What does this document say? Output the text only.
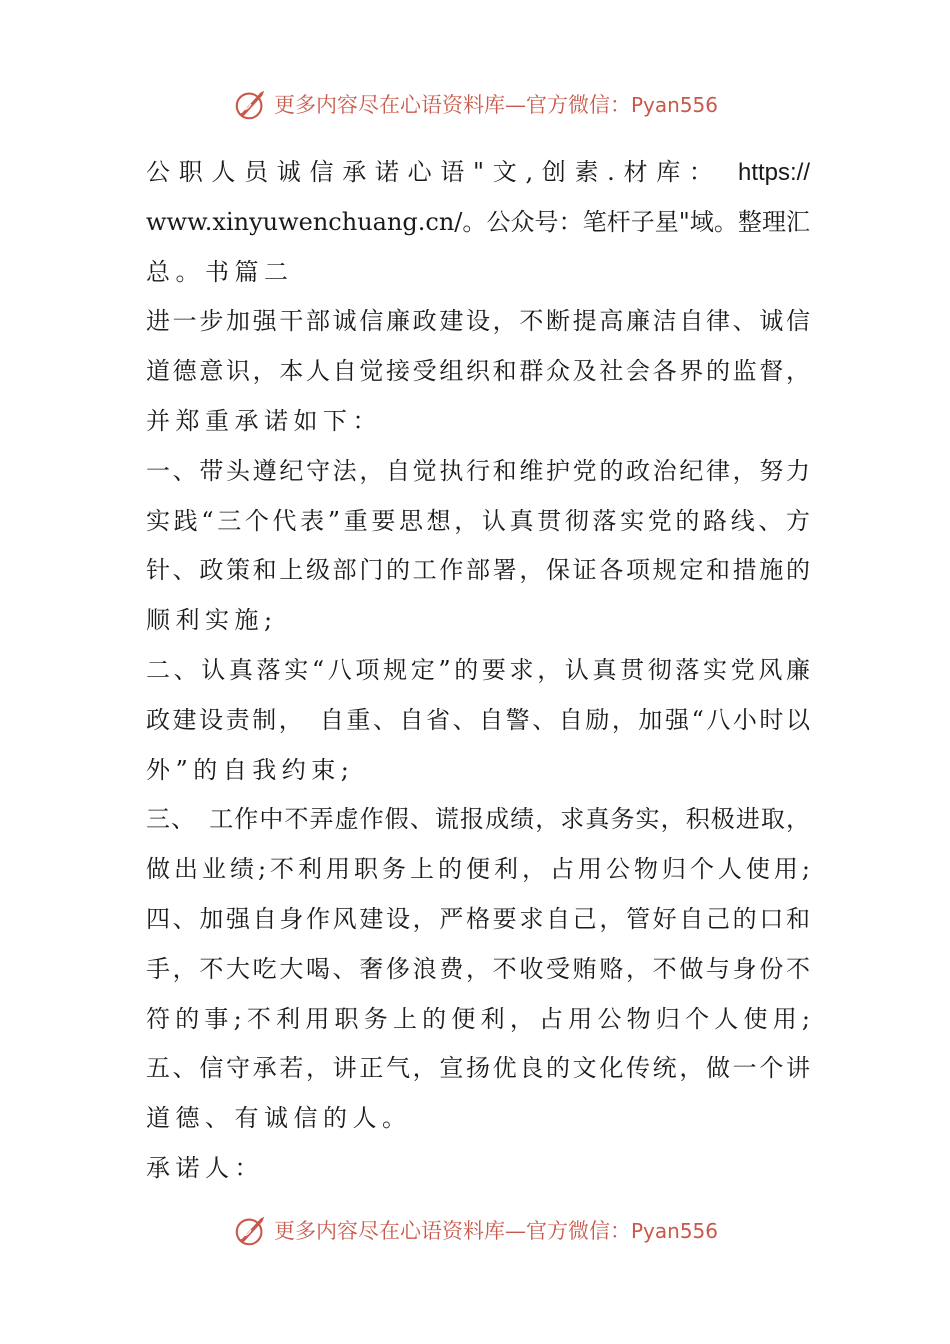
更多内容尽在心语资料库—官方微信：Pyan556
公职人员诚信承诺心语"文,创素.材库： https://
www.xinyuwenchuang.cn/。公众号：笔杆子星"域。整理汇
总。书篇二
进一步加强干部诚信廉政建设，不断提高廉洁自律、诚信
道德意识，本人自觉接受组织和群众及社会各界的监督，
并郑重承诺如下：
一、带头遵纪守法，自觉执行和维护党的政治纪律，努力
实践“三个代表”重要思想，认真贯彻落实党的路线、方
针、政策和上级部门的工作部署，保证各项规定和措施的
顺利实施;
二、认真落实“八项规定”的要求，认真贯彻落实党风廉
政建设责制，　自重、自省、自警、自励，加强“八小时以
外”的自我约束;
三、　工作中不弄虚作假、谎报成绩，求真务实，积极进取，
做出业绩;不利用职务上的便利，占用公物归个人使用;
四、加强自身作风建设，严格要求自己，管好自己的口和
手，不大吃大喝、奢侈浪费，不收受贿赂，不做与身份不
符的事;不利用职务上的便利，占用公物归个人使用;
五、信守承若，讲正气，宣扬优良的文化传统，做一个讲
道德、有诚信的人。
承诺人：
更多内容尽在心语资料库—官方微信：Pyan556
